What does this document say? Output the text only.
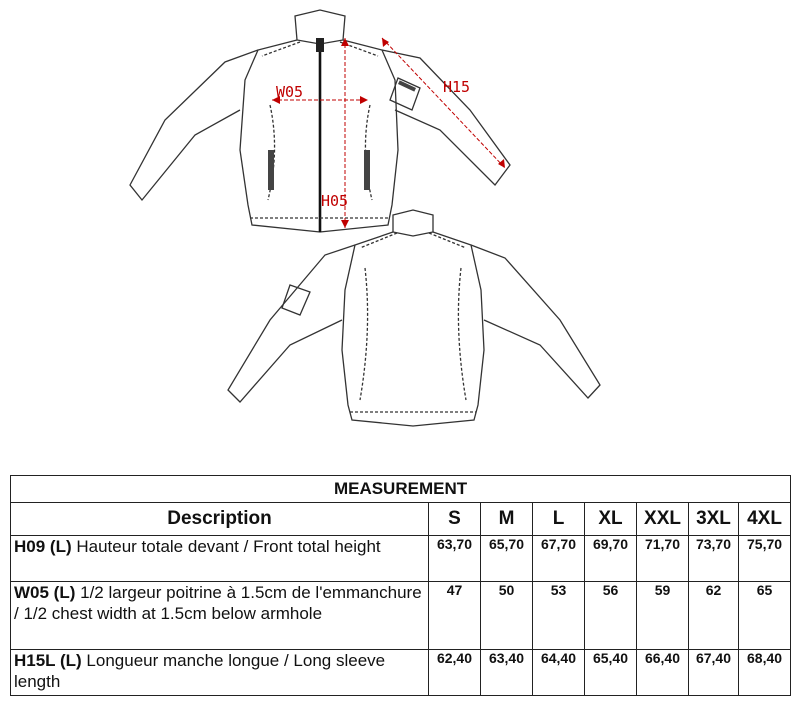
W05
H05
H15
MEASUREMENT							
Description	S	M	L	XL	XXL	3XL	4XL
H09 (L) Hauteur totale devant / Front total height	63,70	65,70	67,70	69,70	71,70	73,70	75,70
W05 (L) 1/2 largeur poitrine à 1.5cm de l'emmanchure / 1/2 chest width at 1.5cm below armhole	47	50	53	56	59	62	65
H15L (L) Longueur manche longue / Long sleeve length	62,40	63,40	64,40	65,40	66,40	67,40	68,40
